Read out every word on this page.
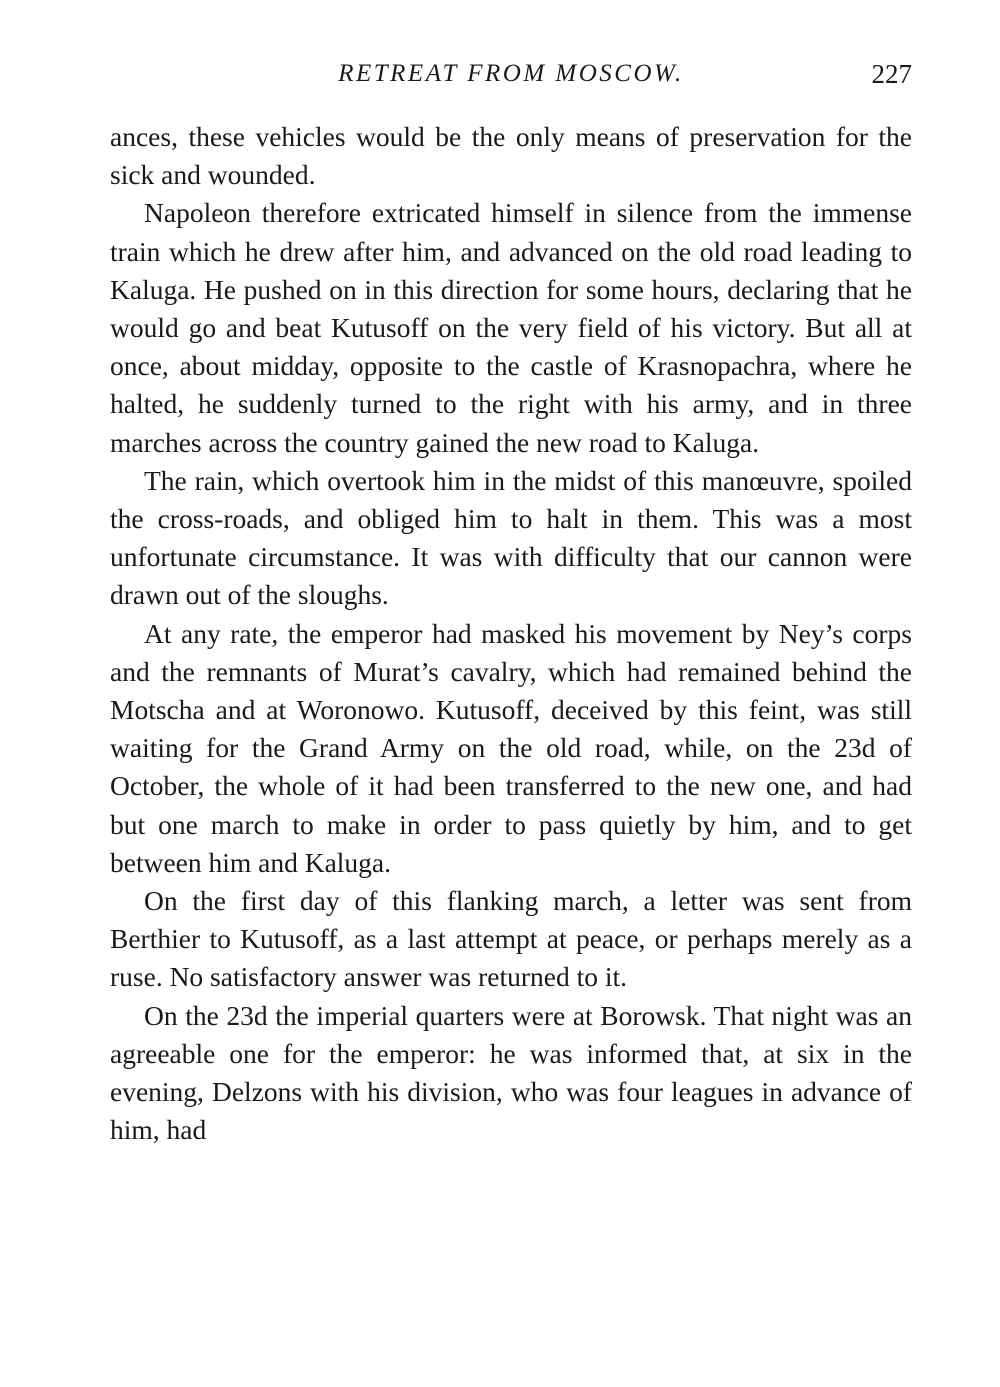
RETREAT FROM MOSCOW.	227

ances, these vehicles would be the only means of preservation for the sick and wounded.

Napoleon therefore extricated himself in silence from the immense train which he drew after him, and advanced on the old road leading to Kaluga. He pushed on in this direction for some hours, declaring that he would go and beat Kutusoff on the very field of his victory. But all at once, about midday, opposite to the castle of Krasnopachra, where he halted, he suddenly turned to the right with his army, and in three marches across the country gained the new road to Kaluga.

The rain, which overtook him in the midst of this manœuvre, spoiled the cross-roads, and obliged him to halt in them. This was a most unfortunate circumstance. It was with difficulty that our cannon were drawn out of the sloughs.

At any rate, the emperor had masked his movement by Ney’s corps and the remnants of Murat’s cavalry, which had remained behind the Motscha and at Woronowo. Kutusoff, deceived by this feint, was still waiting for the Grand Army on the old road, while, on the 23d of October, the whole of it had been transferred to the new one, and had but one march to make in order to pass quietly by him, and to get between him and Kaluga.

On the first day of this flanking march, a letter was sent from Berthier to Kutusoff, as a last attempt at peace, or perhaps merely as a ruse. No satisfactory answer was returned to it.

On the 23d the imperial quarters were at Borowsk. That night was an agreeable one for the emperor: he was informed that, at six in the evening, Delzons with his division, who was four leagues in advance of him, had
